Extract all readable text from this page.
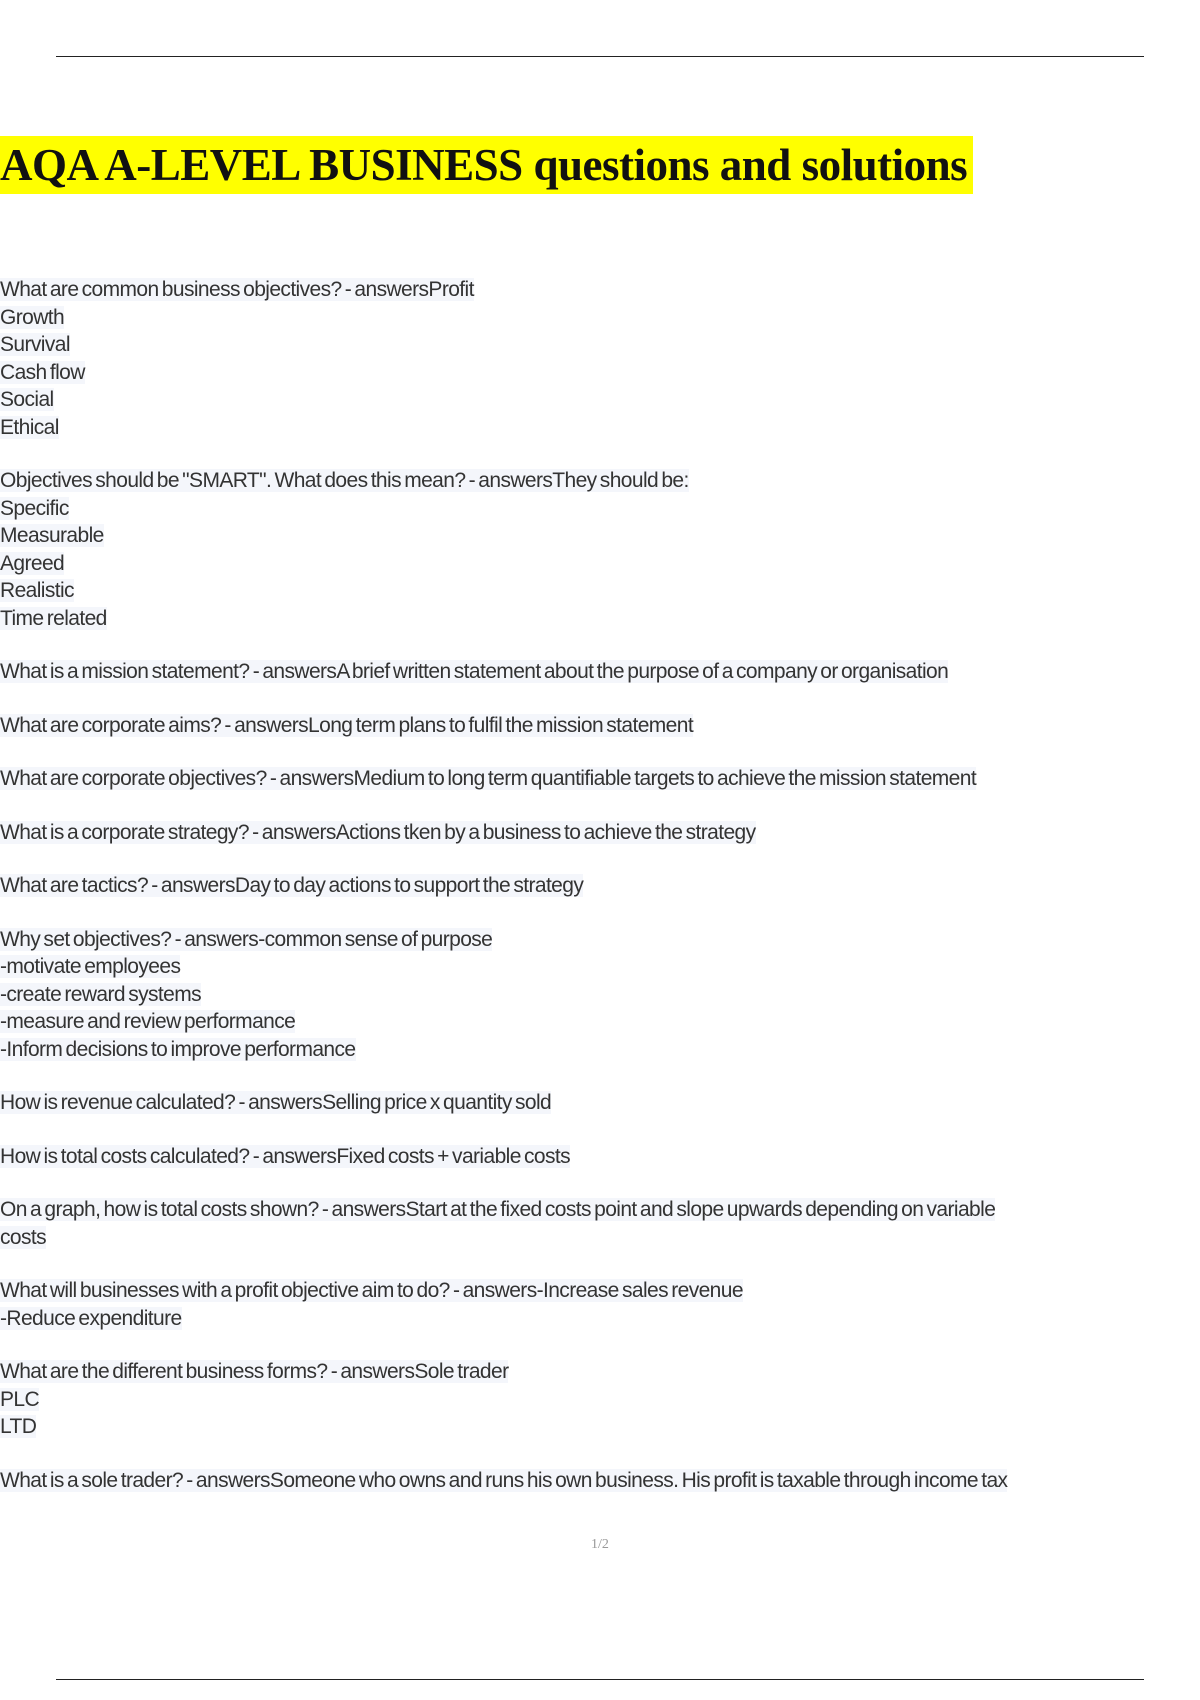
AQA A-LEVEL BUSINESS questions and solutions
What are common business objectives? - answersProfit
Growth
Survival
Cash flow
Social
Ethical
Objectives should be "SMART". What does this mean? - answersThey should be:
Specific
Measurable
Agreed
Realistic
Time related
What is a mission statement? - answersA brief written statement about the purpose of a company or organisation
What are corporate aims? - answersLong term plans to fulfil the mission statement
What are corporate objectives? - answersMedium to long term quantifiable targets to achieve the mission statement
What is a corporate strategy? - answersActions tken by a business to achieve the strategy
What are tactics? - answersDay to day actions to support the strategy
Why set objectives? - answers-common sense of purpose
-motivate employees
-create reward systems
-measure and review performance
-Inform decisions to improve performance
How is revenue calculated? - answersSelling price x quantity sold
How is total costs calculated? - answersFixed costs + variable costs
On a graph, how is total costs shown? - answersStart at the fixed costs point and slope upwards depending on variable
costs
What will businesses with a profit objective aim to do? - answers-Increase sales revenue
-Reduce expenditure
What are the different business forms? - answersSole trader
PLC
LTD
What is a sole trader? - answersSomeone who owns and runs his own business. His profit is taxable through income tax
1/2
